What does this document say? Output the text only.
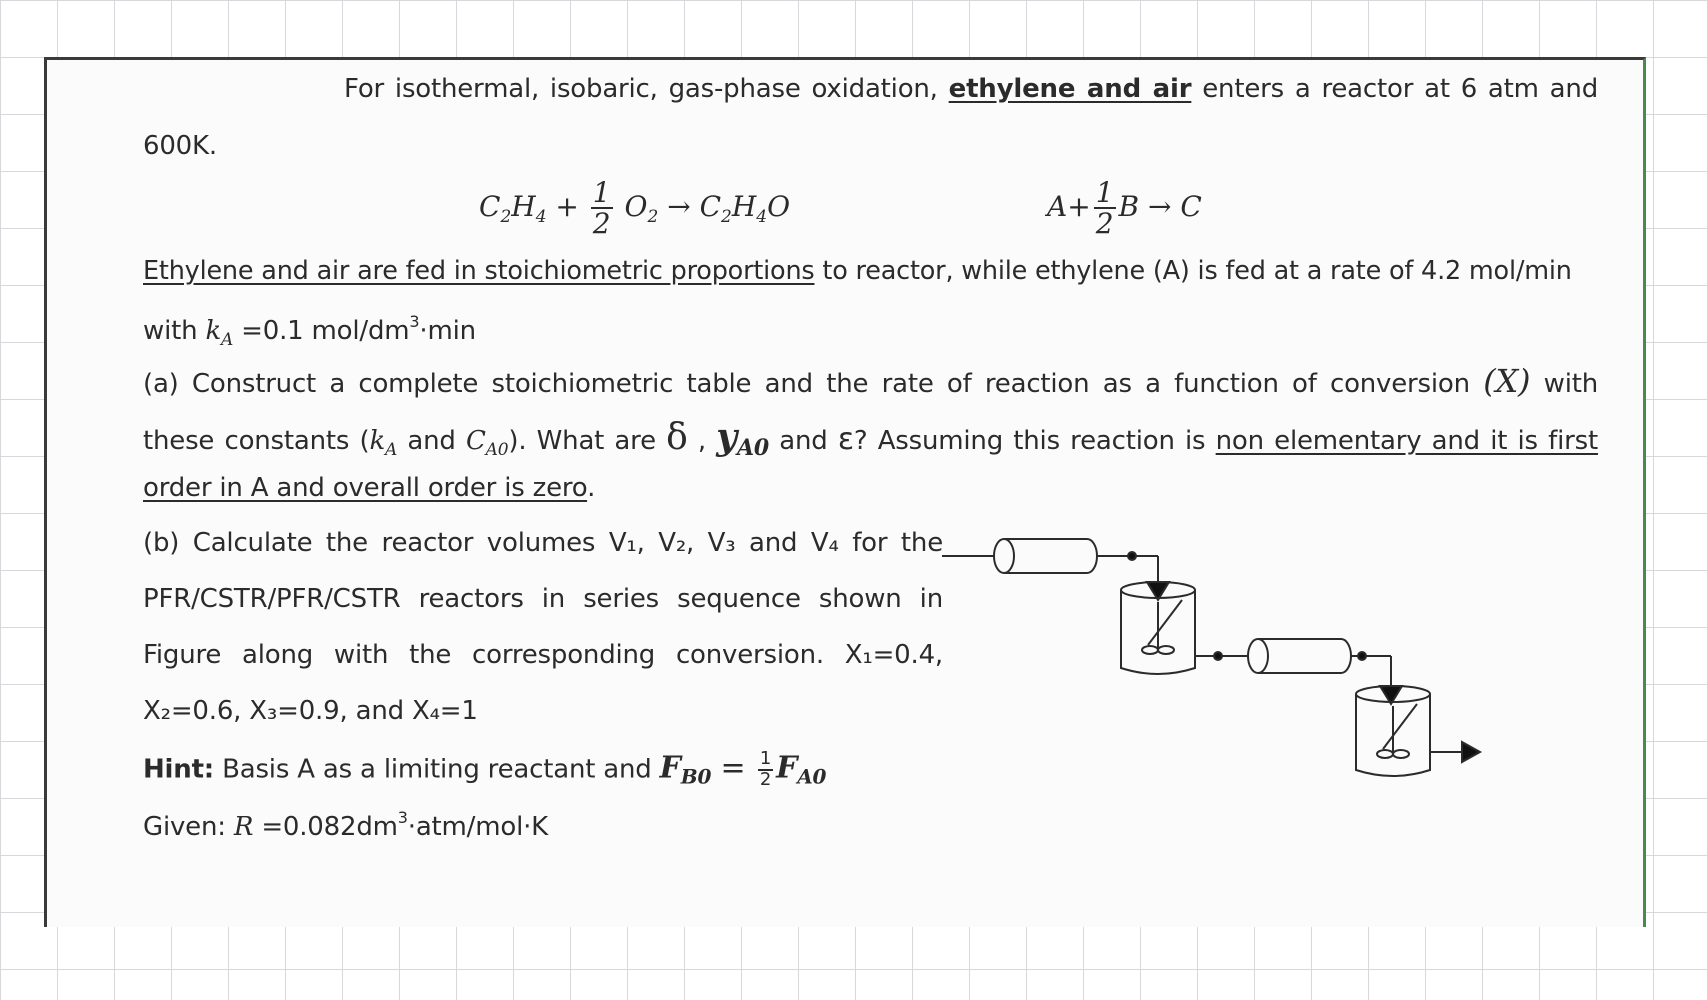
For isothermal, isobaric, gas-phase oxidation, ethylene and air enters a reactor at 6 atm and
600K.
$C_2H_4 + \frac{1}{2} O_2 \to C_2H_4O$	$A+ \frac{1}{2}$ B → C
Ethylene and air are fed in stoichiometric proportions to reactor, while ethylene (A) is fed at a rate of 4.2 mol/min
with $k_A =0.1$ mol/$dm^3\cdot\min$
(a) Construct a complete stoichiometric table and the rate of reaction as a function of conversion (X) with
these constants ($k_A$ and $C_{A0}$). What are δ , $y_{A0}$ and ε? Assuming this reaction is non elementary and it is first
order in A and overall order is zero.
(b) Calculate the reactor volumes V₁, V₂, V₃ and V₄ for the
PFR/CSTR/PFR/CSTR reactors in series sequence shown in
Figure along with the corresponding conversion. X₁=0.4,
X₂=0.6, X₃=0.9, and X₄=1
Hint: Basis A as a limiting reactant and $F_{B0} = \frac{1}{2} F_{A0}$
Given: $R =0.082dm^3\cdot atm/mol\cdot K$
